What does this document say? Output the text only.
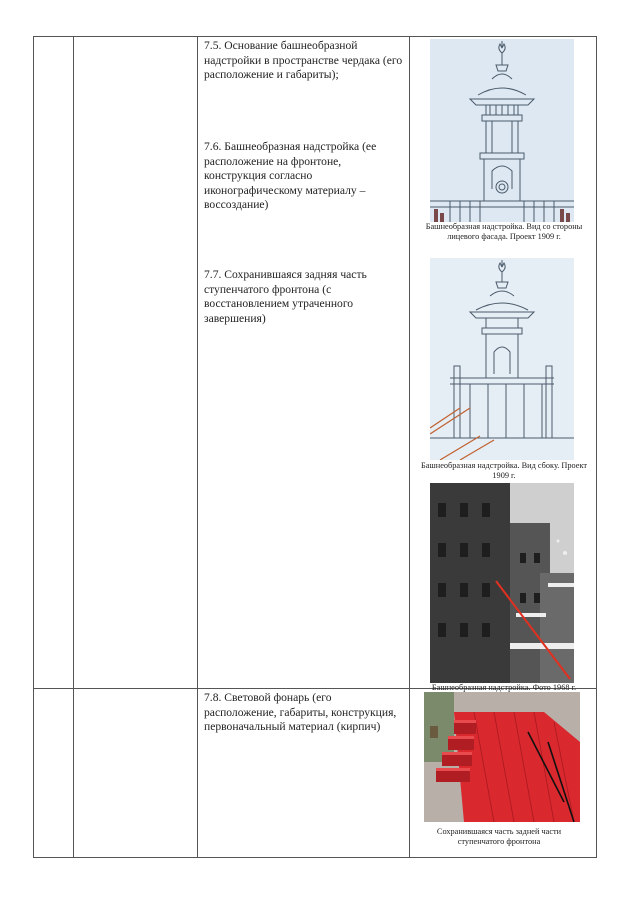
7.5. Основание башнеобразной надстройки в пространстве чердака (его расположение и габариты);
7.6. Башнеобразная надстройка (ее расположение на фронтоне, конструкция согласно иконографическому материалу – воссоздание)
7.7. Сохранившаяся задняя часть ступенчатого фронтона (с восстановлением утраченного завершения)
Башнеобразная надстройка. Вид со стороны лицевого фасада. Проект 1909 г.
Башнеобразная надстройка. Вид сбоку. Проект 1909 г.
Башнеобразная надстройка. Фото 1968 г.
7.8. Световой фонарь (его расположение, габариты, конструкция, первоначальный материал (кирпич)
Сохранившаяся часть задней части ступенчатого фронтона
